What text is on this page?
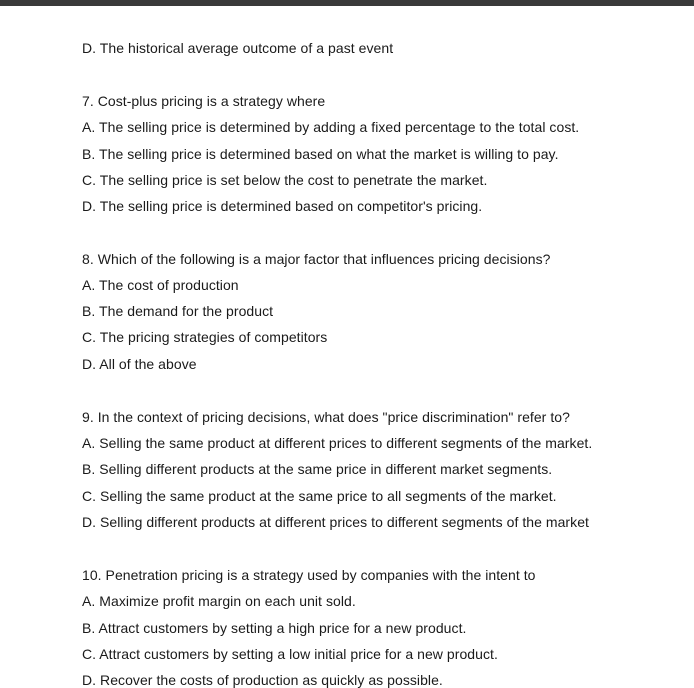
D. The historical average outcome of a past event
7. Cost-plus pricing is a strategy where
A. The selling price is determined by adding a fixed percentage to the total cost.
B. The selling price is determined based on what the market is willing to pay.
C. The selling price is set below the cost to penetrate the market.
D. The selling price is determined based on competitor's pricing.
8. Which of the following is a major factor that influences pricing decisions?
A. The cost of production
B. The demand for the product
C. The pricing strategies of competitors
D. All of the above
9. In the context of pricing decisions, what does "price discrimination" refer to?
A. Selling the same product at different prices to different segments of the market.
B. Selling different products at the same price in different market segments.
C. Selling the same product at the same price to all segments of the market.
D. Selling different products at different prices to different segments of the market
10. Penetration pricing is a strategy used by companies with the intent to
A. Maximize profit margin on each unit sold.
B. Attract customers by setting a high price for a new product.
C. Attract customers by setting a low initial price for a new product.
D. Recover the costs of production as quickly as possible.
